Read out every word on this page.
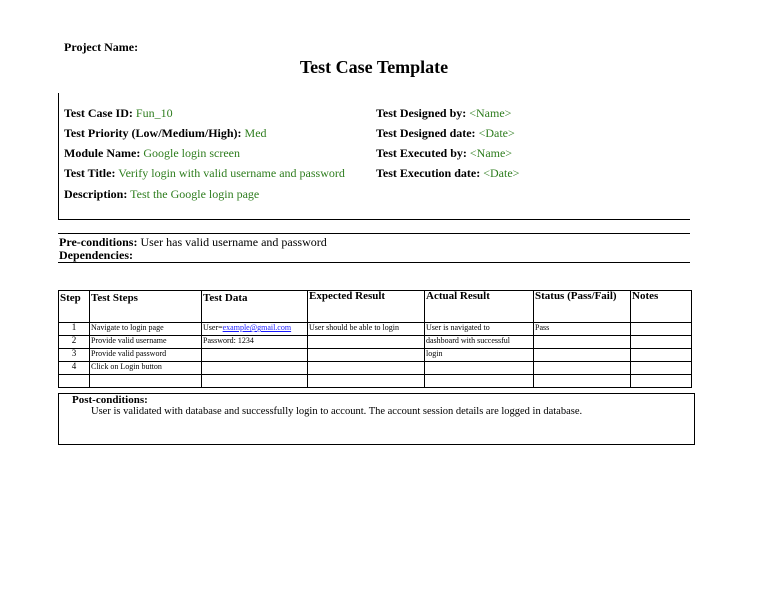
Project Name:
Test Case Template
Test Case ID: Fun_10
Test Priority (Low/Medium/High): Med
Module Name: Google login screen
Test Title: Verify login with valid username and password
Description: Test the Google login page
Test Designed by: <Name>
Test Designed date: <Date>
Test Executed by: <Name>
Test Execution date: <Date>
Pre-conditions: User has valid username and password
Dependencies:
Step	Test Steps	Test Data	Expected Result	Actual Result	Status (Pass/Fail)	Notes
1	Navigate to login page	User=example@gmail.com	User should be able to login	User is navigated to	Pass	
2	Provide valid username	Password: 1234		dashboard with successful		
3	Provide valid password			login		
4	Click on Login button					

Post-conditions:
User is validated with database and successfully login to account. The account session details are logged in database.
